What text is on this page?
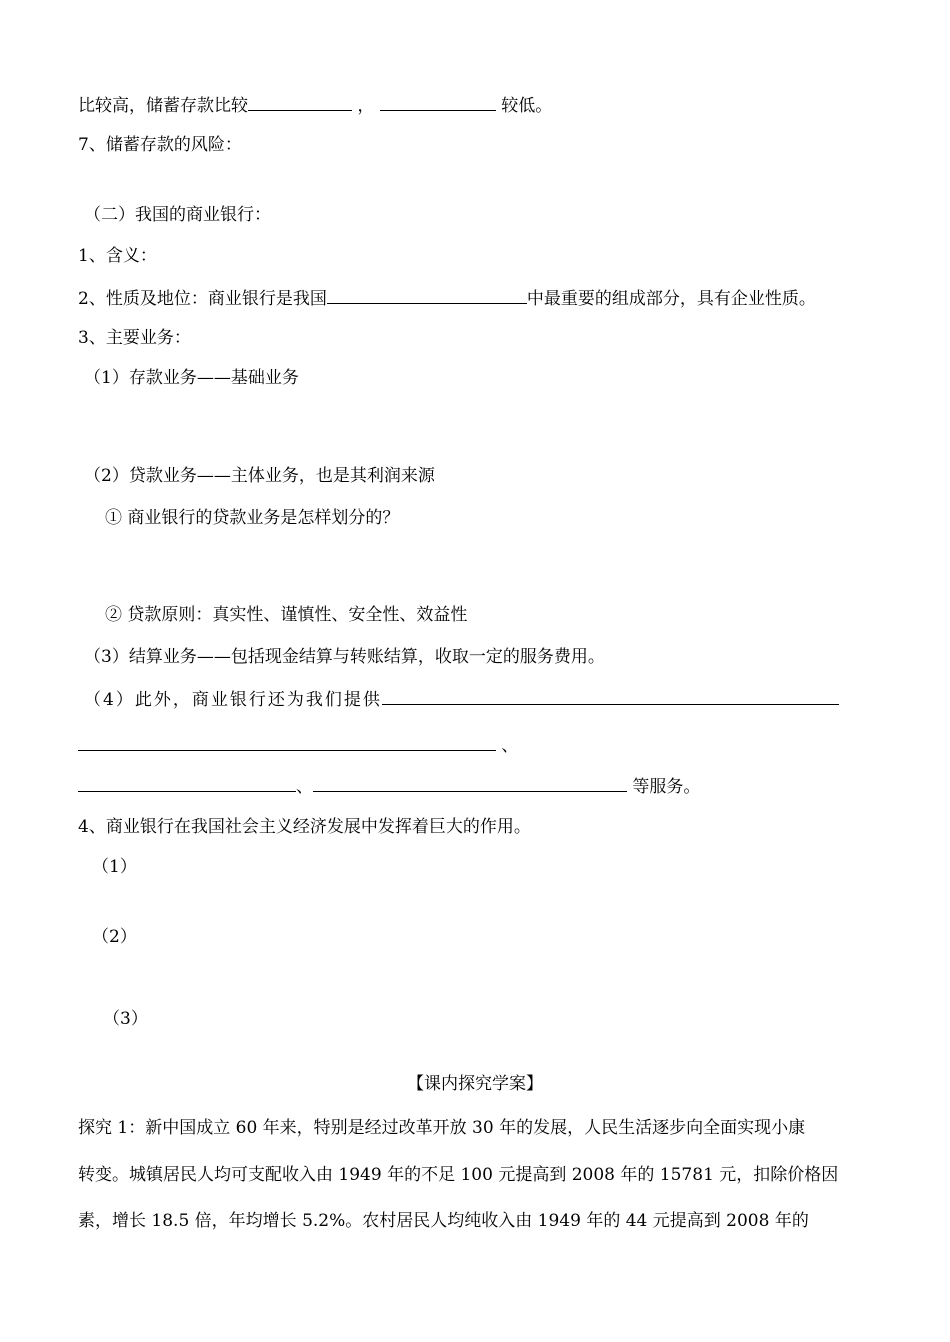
比较高，储蓄存款比较	，	较低。
7、储蓄存款的风险：
（二）我国的商业银行：
1、含义：
2、性质及地位：商业银行是我国	中最重要的组成部分，具有企业性质。
3、主要业务：
（1）存款业务——基础业务
（2）贷款业务——主体业务，也是其利润来源
① 商业银行的贷款业务是怎样划分的？
② 贷款原则：真实性、谨慎性、安全性、效益性
（3）结算业务——包括现金结算与转账结算，收取一定的服务费用。
（4）此外，商业银行还为我们提供
、
、	等服务。
4、商业银行在我国社会主义经济发展中发挥着巨大的作用。
（1）
（2）
（3）
【课内探究学案】
探究 1：新中国成立 60 年来，特别是经过改革开放 30 年的发展，人民生活逐步向全面实现小康
转变。城镇居民人均可支配收入由 1949 年的不足 100 元提高到 2008 年的 15781 元，扣除价格因
素，增长 18.5 倍，年均增长 5.2%。农村居民人均纯收入由 1949 年的 44 元提高到 2008 年的
